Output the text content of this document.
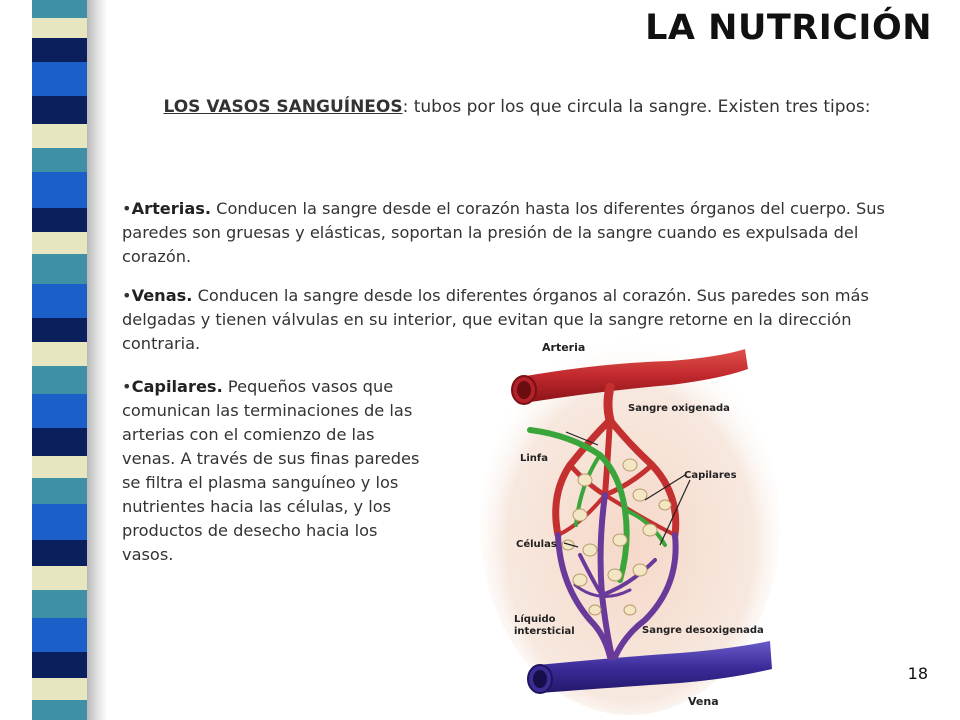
LA NUTRICIÓN
LOS VASOS SANGUÍNEOS: tubos por los que circula la sangre. Existen tres tipos:
•Arterias. Conducen la sangre desde el corazón hasta los diferentes órganos del cuerpo. Sus paredes son gruesas y elásticas, soportan la presión de la sangre cuando es expulsada del corazón.
•Venas. Conducen la sangre desde los diferentes órganos al corazón. Sus paredes son más delgadas y tienen válvulas en su interior, que evitan que la sangre retorne en la dirección contraria.
•Capilares. Pequeños vasos que comunican las terminaciones de las arterias con el comienzo de las venas. A través de sus finas paredes se filtra el plasma sanguíneo y los nutrientes hacia las células, y los productos de desecho hacia los vasos.
Arteria
Sangre oxigenada
Linfa
Capilares
Células
Líquido
intersticial	Sangre desoxigenada
Vena
18
